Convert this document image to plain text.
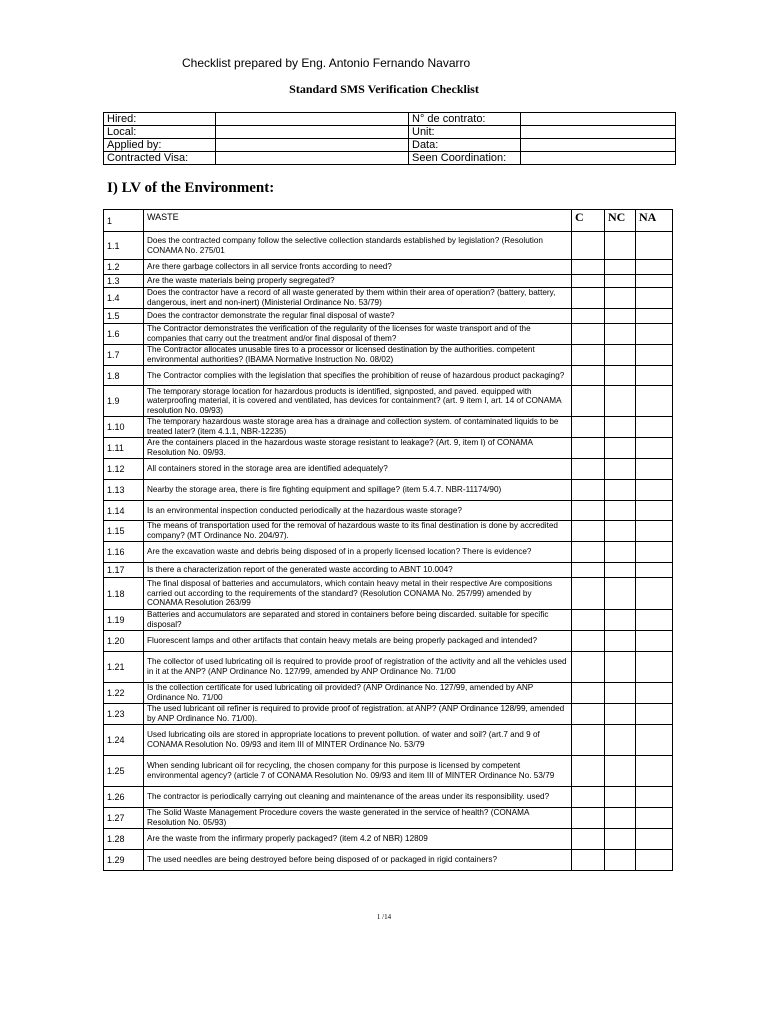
Checklist prepared by Eng. Antonio Fernando Navarro
Standard SMS Verification Checklist
Hired:		N° de contrato:	
Local:		Unit:	
Applied by:		Data:	
Contracted Visa:		Seen Coordination:	
I) LV of the Environment:
1	WASTE	C	NC	NA
1.1	Does the contracted company follow the selective collection standards established by legislation? (Resolution CONAMA No. 275/01			
1.2	Are there garbage collectors in all service fronts according to need?			
1.3	Are the waste materials being properly segregated?			
1.4	Does the contractor have a record of all waste generated by them within their area of operation? (battery, battery, dangerous, inert and non-inert) (Ministerial Ordinance No. 53/79)			
1.5	Does the contractor demonstrate the regular final disposal of waste?			
1.6	The Contractor demonstrates the verification of the regularity of the licenses for waste transport and of the companies that carry out the treatment and/or final disposal of them?			
1.7	The Contractor allocates unusable tires to a processor or licensed destination by the authorities. competent environmental authorities? (IBAMA Normative Instruction No. 08/02)			
1.8	The Contractor complies with the legislation that specifies the prohibition of reuse of hazardous product packaging?			
1.9	The temporary storage location for hazardous products is identified, signposted, and paved. equipped with waterproofing material, it is covered and ventilated, has devices for containment? (art. 9 item I, art. 14 of CONAMA resolution No. 09/93)			
1.10	The temporary hazardous waste storage area has a drainage and collection system. of contaminated liquids to be treated later? (item 4.1.1, NBR-12235)			
1.11	Are the containers placed in the hazardous waste storage resistant to leakage? (Art. 9, item I) of CONAMA Resolution No. 09/93.			
1.12	All containers stored in the storage area are identified adequately?			
1.13	Nearby the storage area, there is fire fighting equipment and spillage? (item 5.4.7. NBR-11174/90)			
1.14	Is an environmental inspection conducted periodically at the hazardous waste storage?			
1.15	The means of transportation used for the removal of hazardous waste to its final destination is done by accredited company? (MT Ordinance No. 204/97).			
1.16	Are the excavation waste and debris being disposed of in a properly licensed location? There is evidence?			
1.17	Is there a characterization report of the generated waste according to ABNT 10.004?			
1.18	The final disposal of batteries and accumulators, which contain heavy metal in their respective Are compositions carried out according to the requirements of the standard? (Resolution CONAMA No. 257/99) amended by CONAMA Resolution 263/99			
1.19	Batteries and accumulators are separated and stored in containers before being discarded. suitable for specific disposal?			
1.20	Fluorescent lamps and other artifacts that contain heavy metals are being properly packaged and intended?			
1.21	The collector of used lubricating oil is required to provide proof of registration of the activity and all the vehicles used in it at the ANP? (ANP Ordinance No. 127/99, amended by ANP Ordinance No. 71/00			
1.22	Is the collection certificate for used lubricating oil provided? (ANP Ordinance No. 127/99, amended by ANP Ordinance No. 71/00			
1.23	The used lubricant oil refiner is required to provide proof of registration. at ANP? (ANP Ordinance 128/99, amended by ANP Ordinance No. 71/00).			
1.24	Used lubricating oils are stored in appropriate locations to prevent pollution. of water and soil? (art.7 and 9 of CONAMA Resolution No. 09/93 and item III of MINTER Ordinance No. 53/79			
1.25	When sending lubricant oil for recycling, the chosen company for this purpose is licensed by competent environmental agency? (article 7 of CONAMA Resolution No. 09/93 and item III of MINTER Ordinance No. 53/79			
1.26	The contractor is periodically carrying out cleaning and maintenance of the areas under its responsibility. used?			
1.27	The Solid Waste Management Procedure covers the waste generated in the service of health? (CONAMA Resolution No. 05/93)			
1.28	Are the waste from the infirmary properly packaged? (item 4.2 of NBR) 12809			
1.29	The used needles are being destroyed before being disposed of or packaged in rigid containers?			
1 /14
